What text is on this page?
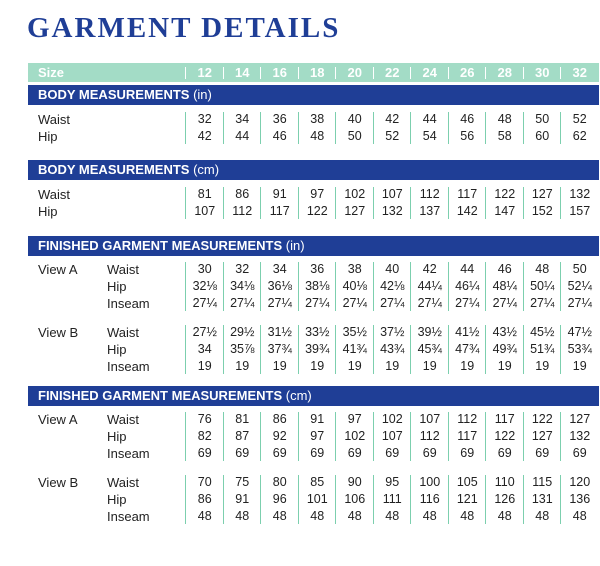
GARMENT DETAILS
Size	12	14	16	18	20	22	24	26	28	30	32
BODY MEASUREMENTS (in)
Waist	32	34	36	38	40	42	44	46	48	50	52
Hip	42	44	46	48	50	52	54	56	58	60	62
BODY MEASUREMENTS (cm)
Waist	81	86	91	97	102	107	112	117	122	127	132
Hip	107	112	117	122	127	132	137	142	147	152	157
FINISHED GARMENT MEASUREMENTS (in)
View A Waist	30	32	34	36	38	40	42	44	46	48	50
Hip	32⅛	34⅛	36⅛	38⅛	40⅛	42⅛	44¼	46¼	48¼	50¼	52¼
Inseam	27¼	27¼	27¼	27¼	27¼	27¼	27¼	27¼	27¼	27¼	27¼
View B Waist	27½	29½	31½	33½	35½	37½	39½	41½	43½	45½	47½
Hip	34	35⅞	37¾	39¾	41¾	43¾	45¾	47¾	49¾	51¾	53¾
Inseam	19	19	19	19	19	19	19	19	19	19	19
FINISHED GARMENT MEASUREMENTS (cm)
View A Waist	76	81	86	91	97	102	107	112	117	122	127
Hip	82	87	92	97	102	107	112	117	122	127	132
Inseam	69	69	69	69	69	69	69	69	69	69	69
View B Waist	70	75	80	85	90	95	100	105	110	115	120
Hip	86	91	96	101	106	111	116	121	126	131	136
Inseam	48	48	48	48	48	48	48	48	48	48	48
